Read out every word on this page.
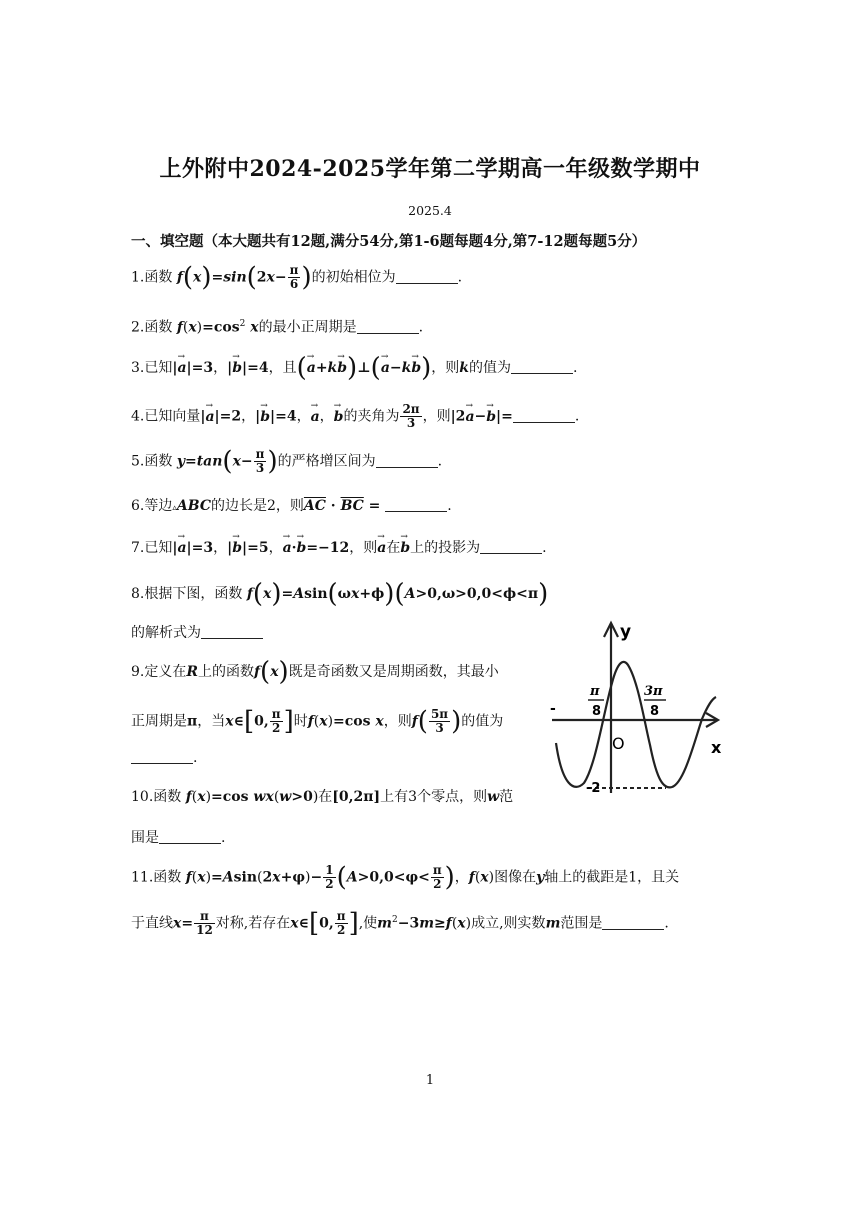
上外附中2024-2025学年第二学期高一年级数学期中
2025.4
一、填空题（本大题共有12题,满分54分,第1-6题每题4分,第7-12题每题5分）
1.函数 $f(x)=\sin(2x- \frac{\pi}{6}$ )的初始相位为	.
2.函数 $f(x)=\cos^2$ x的最小正周期是	.
3.已知|→ a|=3，|→ b|=4，且(→ a+k→ b)⊥(→ a−k→ b)，则k的值为	.
4.已知向量|→ a|=2，|→ b|=4，→ a，→ b的夹角为 $\frac{2\pi}{3}$ ，则|2→ a−→ b|=	.
5.函数 $y=\tan(x- \frac{\pi}{3}$ )的严格增区间为	.
6.等边▵ABC的边长是2，则$\overline{AC} \cdot \overline{BC}$ =	.
7.已知|→ a|=3，|→ b|=5，→ a·→ b=−12，则→ a在→ b上的投影为	.
8.根据下图，函数 f(x)=Asin(ωx+ϕ)(A>0,ω>0,0<ϕ<π)
的解析式为
9.定义在R上的函数f(x)既是奇函数又是周期函数，其最小
正周期是π，当x∈[0, $\frac{\pi}{2}$ ]时f(x)=cos x，则$f( \frac{5\pi}{3}$ )的值为
.
10.函数 f(x)=cos wx(w>0)在[0,2π]上有3个零点，则w范
围是	.
11.函数 $f(x)=Asin(2x+\varphi)- \frac{1}{2} (A>0,0<\varphi< \frac{\pi}{2}$ )，f(x)图像在y轴上的截距是1，且关
于直线$x= \frac{\pi}{12}$ 对称,若存在x∈[0, $\frac{\pi}{2}$ ],使$m^2-3m\ge f(x)$成立,则实数m范围是	.
y
x
O
-
π
8
3π
8
-2
1
